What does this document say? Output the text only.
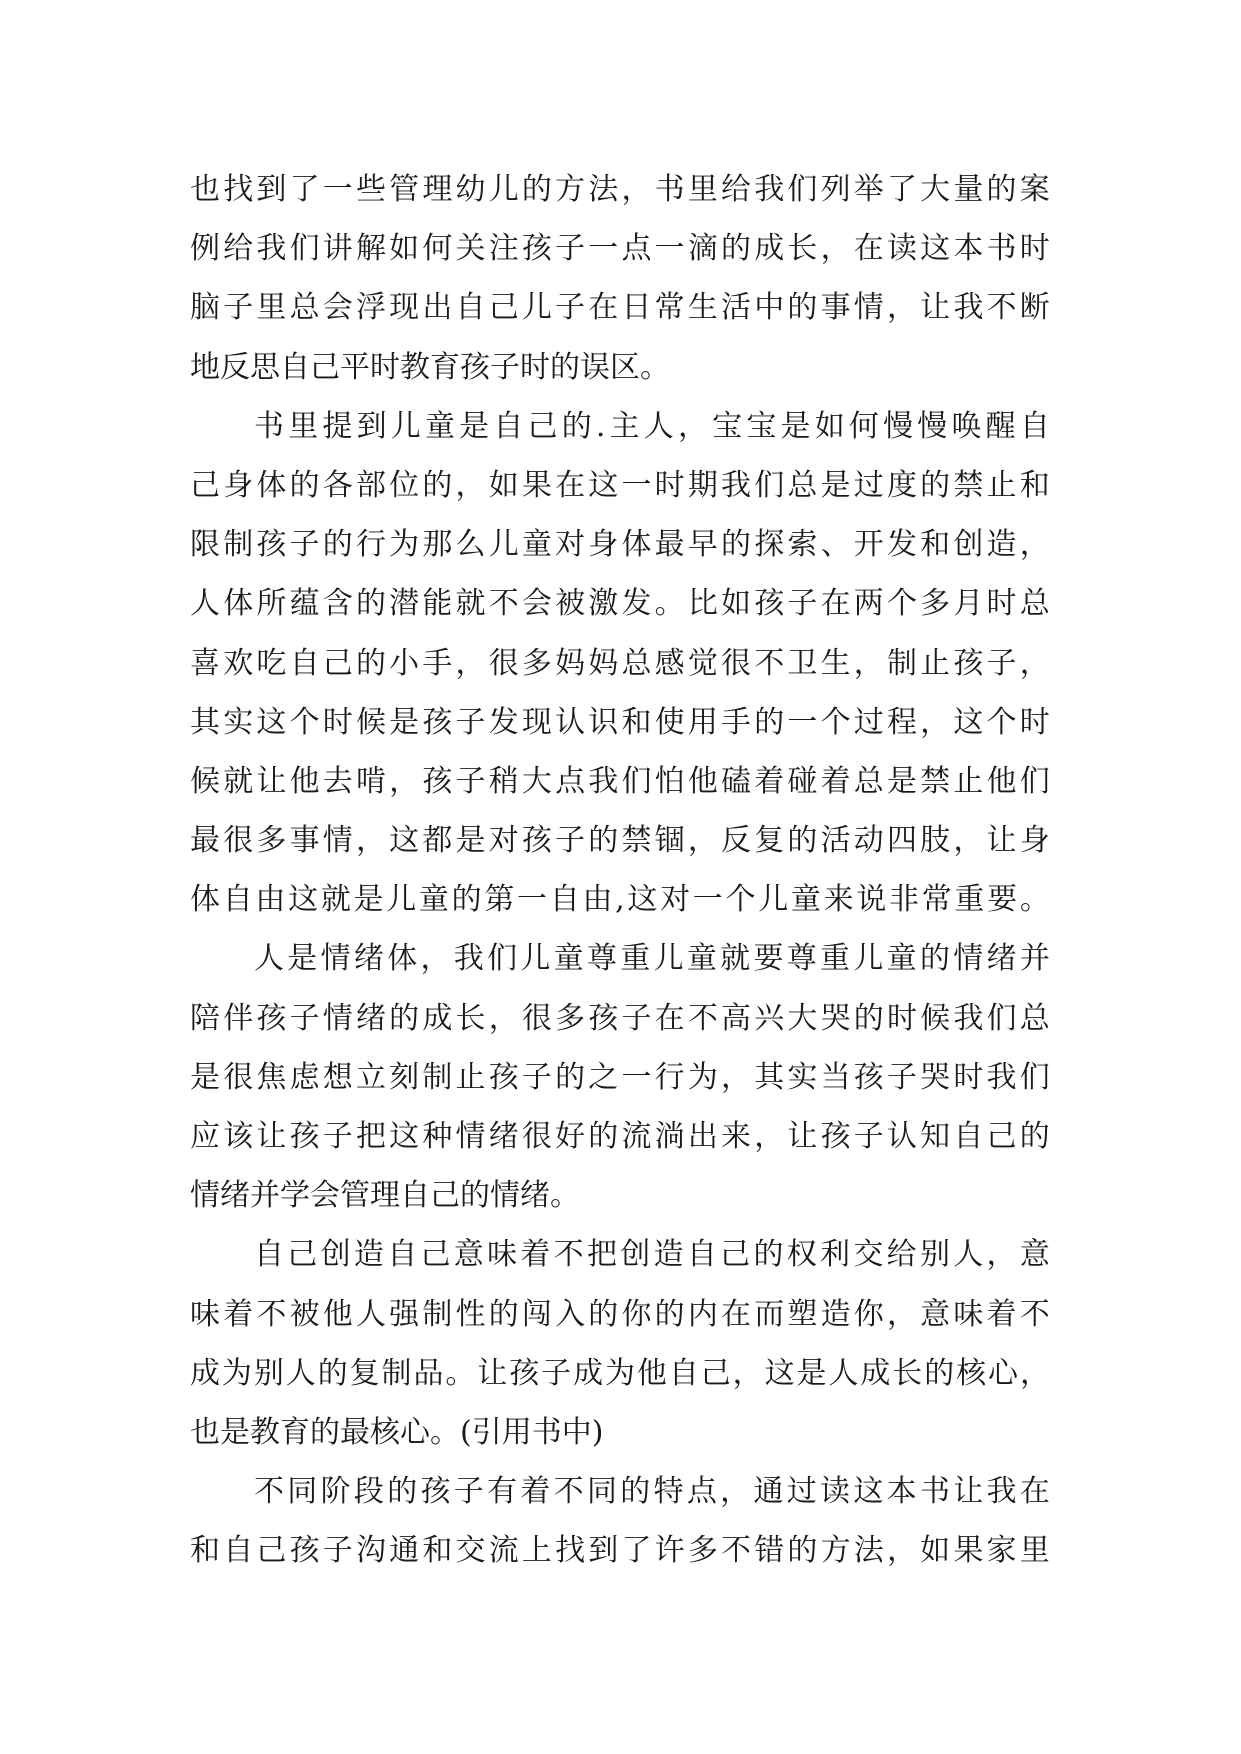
也 找 到 了 一 些 管 理 幼 儿 的 方 法 ， 书 里 给 我 们 列 举 了 大 量 的 案
例 给 我 们 讲 解 如 何 关 注 孩 子 一 点 一 滴 的 成 长 ， 在 读 这 本 书 时
脑 子 里 总 会 浮 现 出 自 己 儿 子 在 日 常 生 活 中 的 事 情 ， 让 我 不 断
地反思自己平时教育孩子时的误区。
书 里 提 到 儿 童 是 自 己 的 . 主 人 ， 宝 宝 是 如 何 慢 慢 唤 醒 自
己 身 体 的 各 部 位 的 ， 如 果 在 这 一 时 期 我 们 总 是 过 度 的 禁 止 和
限 制 孩 子 的 行 为 那 么 儿 童 对 身 体 最 早 的 探 索 、 开 发 和 创 造 ，
人 体 所 蕴 含 的 潜 能 就 不 会 被 激 发 。 比 如 孩 子 在 两 个 多 月 时 总
喜 欢 吃 自 己 的 小 手 ， 很 多 妈 妈 总 感 觉 很 不 卫 生 ， 制 止 孩 子 ，
其 实 这 个 时 候 是 孩 子 发 现 认 识 和 使 用 手 的 一 个 过 程 ， 这 个 时
候 就 让 他 去 啃 ， 孩 子 稍 大 点 我 们 怕 他 磕 着 碰 着 总 是 禁 止 他 们
最 很 多 事 情 ， 这 都 是 对 孩 子 的 禁 锢 ， 反 复 的 活 动 四 肢 ， 让 身
体 自 由 这 就 是 儿 童 的 第 一 自 由 , 这 对 一 个 儿 童 来 说 非 常 重 要 。
人 是 情 绪 体 ， 我 们 儿 童 尊 重 儿 童 就 要 尊 重 儿 童 的 情 绪 并
陪 伴 孩 子 情 绪 的 成 长 ， 很 多 孩 子 在 不 高 兴 大 哭 的 时 候 我 们 总
是 很 焦 虑 想 立 刻 制 止 孩 子 的 之 一 行 为 ， 其 实 当 孩 子 哭 时 我 们
应 该 让 孩 子 把 这 种 情 绪 很 好 的 流 淌 出 来 ， 让 孩 子 认 知 自 己 的
情绪并学会管理自己的情绪。
自 己 创 造 自 己 意 味 着 不 把 创 造 自 己 的 权 利 交 给 别 人 ， 意
味 着 不 被 他 人 强 制 性 的 闯 入 的 你 的 内 在 而 塑 造 你 ， 意 味 着 不
成 为 别 人 的 复 制 品 。 让 孩 子 成 为 他 自 己 ， 这 是 人 成 长 的 核 心 ，
也是教育的最核心。(引用书中)
不 同 阶 段 的 孩 子 有 着 不 同 的 特 点 ， 通 过 读 这 本 书 让 我 在
和 自 己 孩 子 沟 通 和 交 流 上 找 到 了 许 多 不 错 的 方 法 ， 如 果 家 里
